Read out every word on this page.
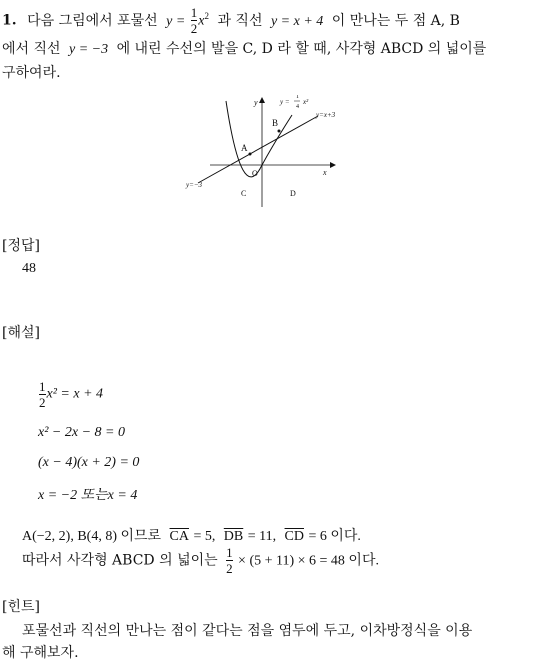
1. 다음 그림에서 포물선 $y = \frac{1}{2} x^2$ 과 직선 y = x + 4 이 만나는 두 점 A, B
에서 직선 y = −3 에 내린 수선의 발을 C, D 라 할 때, 사각형 ABCD 의 넓이를
구하여라.
y
x
O
A
B
C	D
y =
1
4
x²
y=x+3
y=−3
[정답]
48
[해설]
$\frac{1}{2} x^2 = x + 4$
x² − 2x − 8 = 0
(x − 4)(x + 2) = 0
x = −2 또는x = 4
A(−2, 2), B(4, 8) 이므로 $\overline{CA} = 5$, $\overline{DB} = 11$, $\overline{CD} = 6$ 이다.
따라서 사각형 ABCD 의 넓이는 $\frac{1}{2} \times (5 + 11) \times 6 = 48$ 이다.
[힌트]
포물선과 직선의 만나는 점이 같다는 점을 염두에 두고, 이차방정식을 이용
해 구해보자.
